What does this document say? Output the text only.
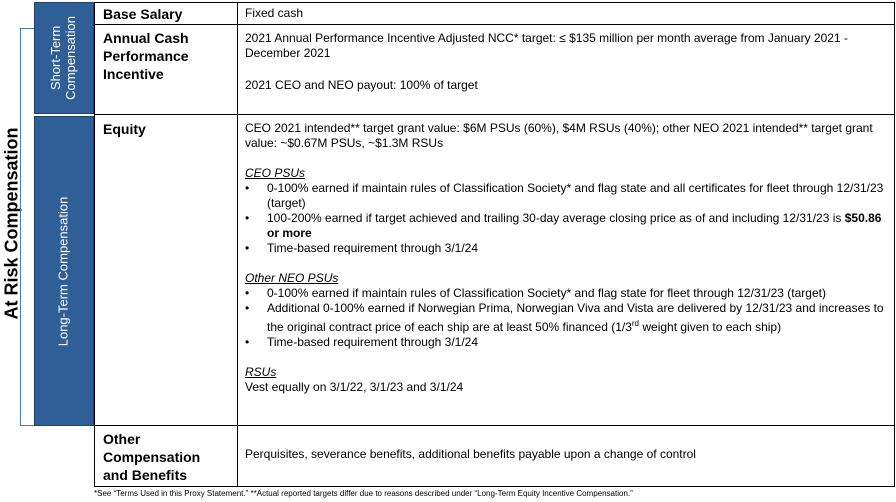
At Risk Compensation
Short-Term Compensation
Long-Term Compensation
Base Salary	Fixed cash
Annual Cash Performance Incentive
2021 Annual Performance Incentive Adjusted NCC* target: ≤ $135 million per month average from January 2021 - December 2021
2021 CEO and NEO payout: 100% of target
Equity	CEO 2021 intended** target grant value: $6M PSUs (60%), $4M RSUs (40%); other NEO 2021 intended** target grant value: ~$0.67M PSUs, ~$1.3M RSUs
CEO PSUs
• 0-100% earned if maintain rules of Classification Society* and flag state and all certificates for fleet through 12/31/23 (target)
• 100-200% earned if target achieved and trailing 30-day average closing price as of and including 12/31/23 is $50.86 or more
• Time-based requirement through 3/1/24
Other NEO PSUs
• 0-100% earned if maintain rules of Classification Society* and flag state for fleet through 12/31/23 (target)
• Additional 0-100% earned if Norwegian Prima, Norwegian Viva and Vista are delivered by 12/31/23 and increases to the original contract price of each ship are at least 50% financed (1/3rd weight given to each ship)
• Time-based requirement through 3/1/24
RSUs
Vest equally on 3/1/22, 3/1/23 and 3/1/24
Other Compensation and Benefits
Perquisites, severance benefits, additional benefits payable upon a change of control
*See “Terms Used in this Proxy Statement.” **Actual reported targets differ due to reasons described under “Long-Term Equity Incentive Compensation.”
